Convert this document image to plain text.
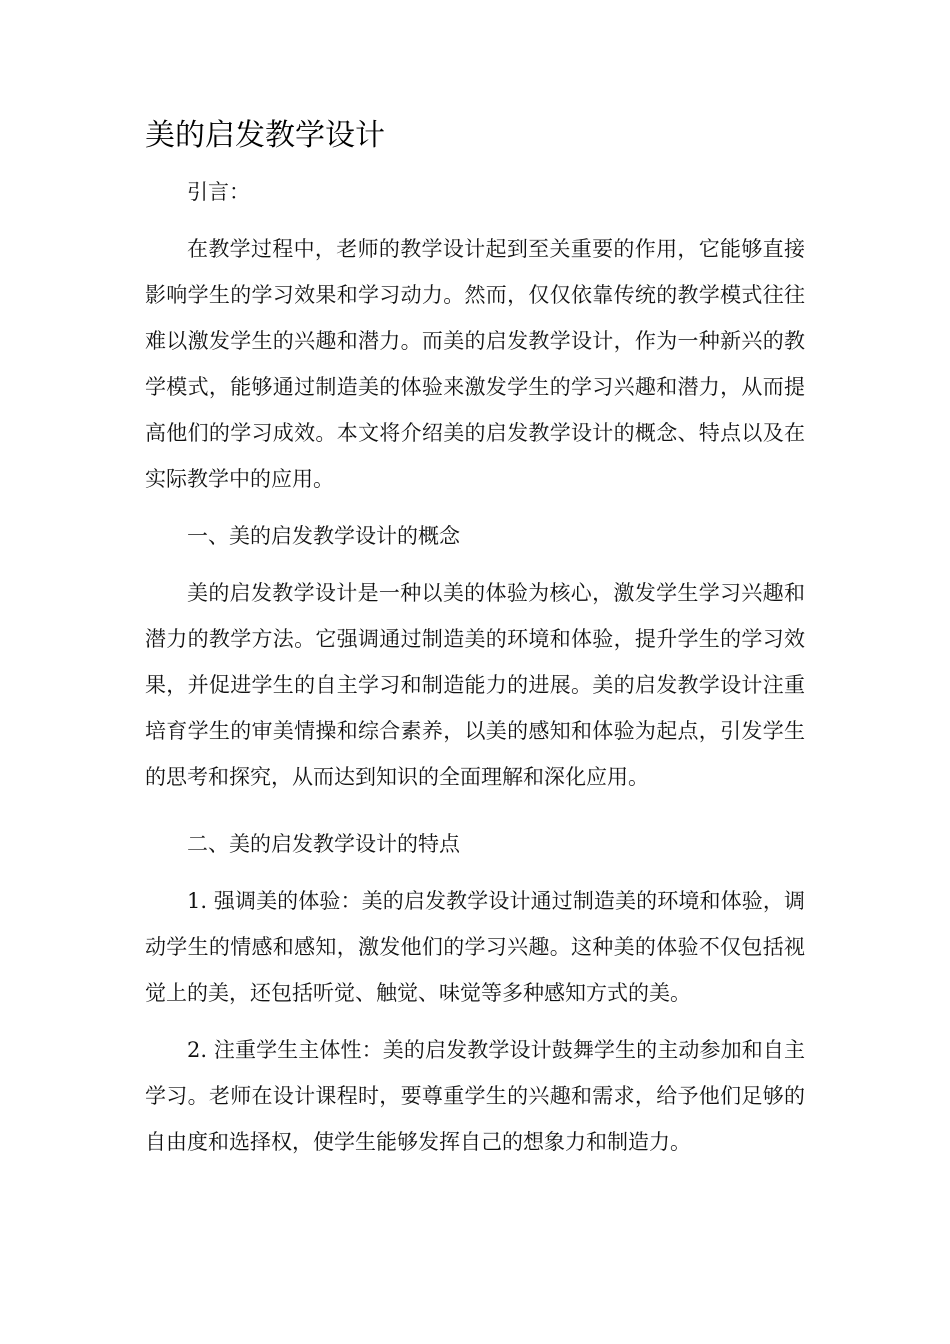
美的启发教学设计

引言：

在教学过程中，老师的教学设计起到至关重要的作用，它能够直接影响学生的学习效果和学习动力。然而，仅仅依靠传统的教学模式往往难以激发学生的兴趣和潜力。而美的启发教学设计，作为一种新兴的教学模式，能够通过制造美的体验来激发学生的学习兴趣和潜力，从而提高他们的学习成效。本文将介绍美的启发教学设计的概念、特点以及在实际教学中的应用。

一、美的启发教学设计的概念

美的启发教学设计是一种以美的体验为核心，激发学生学习兴趣和潜力的教学方法。它强调通过制造美的环境和体验，提升学生的学习效果，并促进学生的自主学习和制造能力的进展。美的启发教学设计注重培育学生的审美情操和综合素养，以美的感知和体验为起点，引发学生的思考和探究，从而达到知识的全面理解和深化应用。

二、美的启发教学设计的特点

1. 强调美的体验：美的启发教学设计通过制造美的环境和体验，调动学生的情感和感知，激发他们的学习兴趣。这种美的体验不仅包括视觉上的美，还包括听觉、触觉、味觉等多种感知方式的美。

2. 注重学生主体性：美的启发教学设计鼓舞学生的主动参加和自主学习。老师在设计课程时，要尊重学生的兴趣和需求，给予他们足够的自由度和选择权，使学生能够发挥自己的想象力和制造力。
